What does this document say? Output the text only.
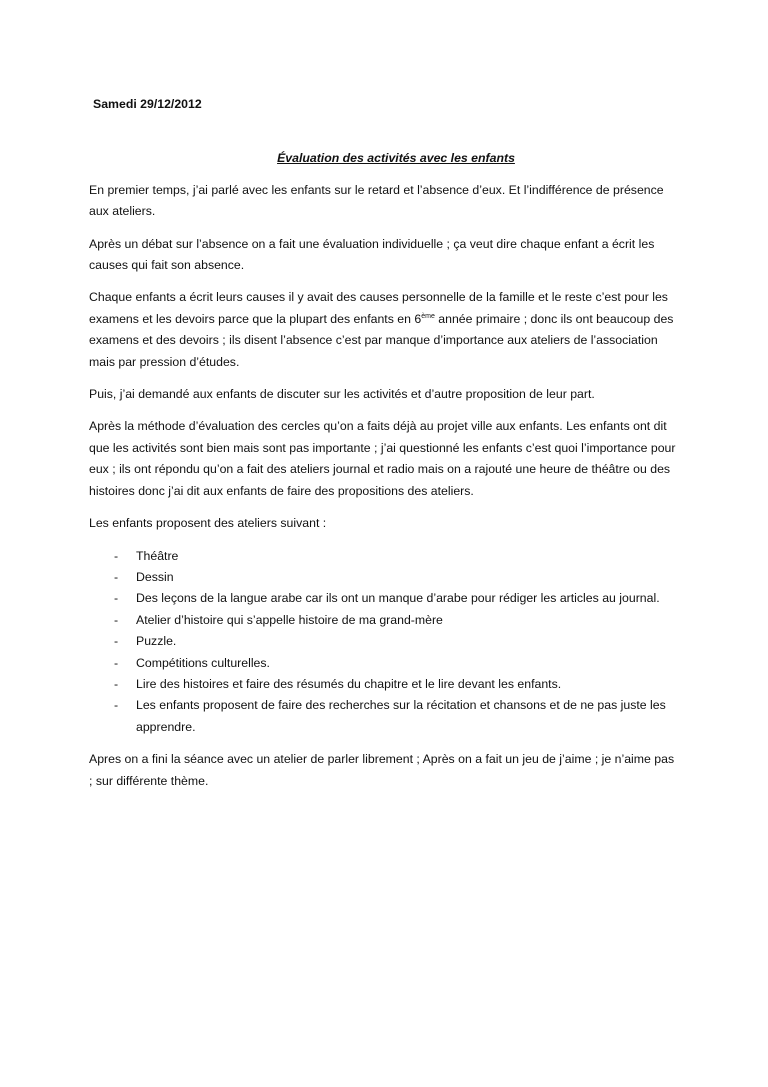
Samedi 29/12/2012
Évaluation des activités avec les enfants

En premier temps, j’ai parlé avec les enfants sur le retard et l’absence d’eux. Et l’indifférence de présence aux ateliers.

Après un débat sur l’absence on a fait une évaluation individuelle ; ça veut dire chaque enfant a écrit les causes qui fait son absence.

Chaque enfants a écrit leurs causes il y avait des causes personnelle de la famille et le reste c’est pour les examens et les devoirs parce que la plupart des enfants en 6ème année primaire ; donc ils ont beaucoup des examens et des devoirs ; ils disent l’absence c’est par manque d’importance aux ateliers de l’association mais par pression d’études.

Puis, j’ai demandé aux enfants de discuter sur les activités et d’autre proposition de leur part.

Après la méthode d’évaluation des cercles qu’on a faits déjà au projet ville aux enfants. Les enfants ont dit que les activités sont bien mais sont pas importante ; j’ai questionné les enfants c’est quoi l’importance pour eux ; ils ont répondu qu’on a fait des ateliers journal et radio mais on a rajouté une heure de théâtre ou des histoires donc j’ai dit aux enfants de faire des propositions des ateliers.

Les enfants proposent des ateliers suivant :

- Théâtre
- Dessin
- Des leçons de la langue arabe car ils ont un manque d’arabe pour rédiger les articles au journal.
- Atelier d’histoire qui s’appelle histoire de ma grand-mère
- Puzzle.
- Compétitions culturelles.
- Lire des histoires et faire des résumés du chapitre et le lire devant les enfants.
- Les enfants proposent de faire des recherches sur la récitation et chansons et de ne pas juste les apprendre.

Apres on a fini la séance avec un atelier de parler librement ; Après on a fait un jeu de j’aime ; je n’aime pas ; sur différente thème.
